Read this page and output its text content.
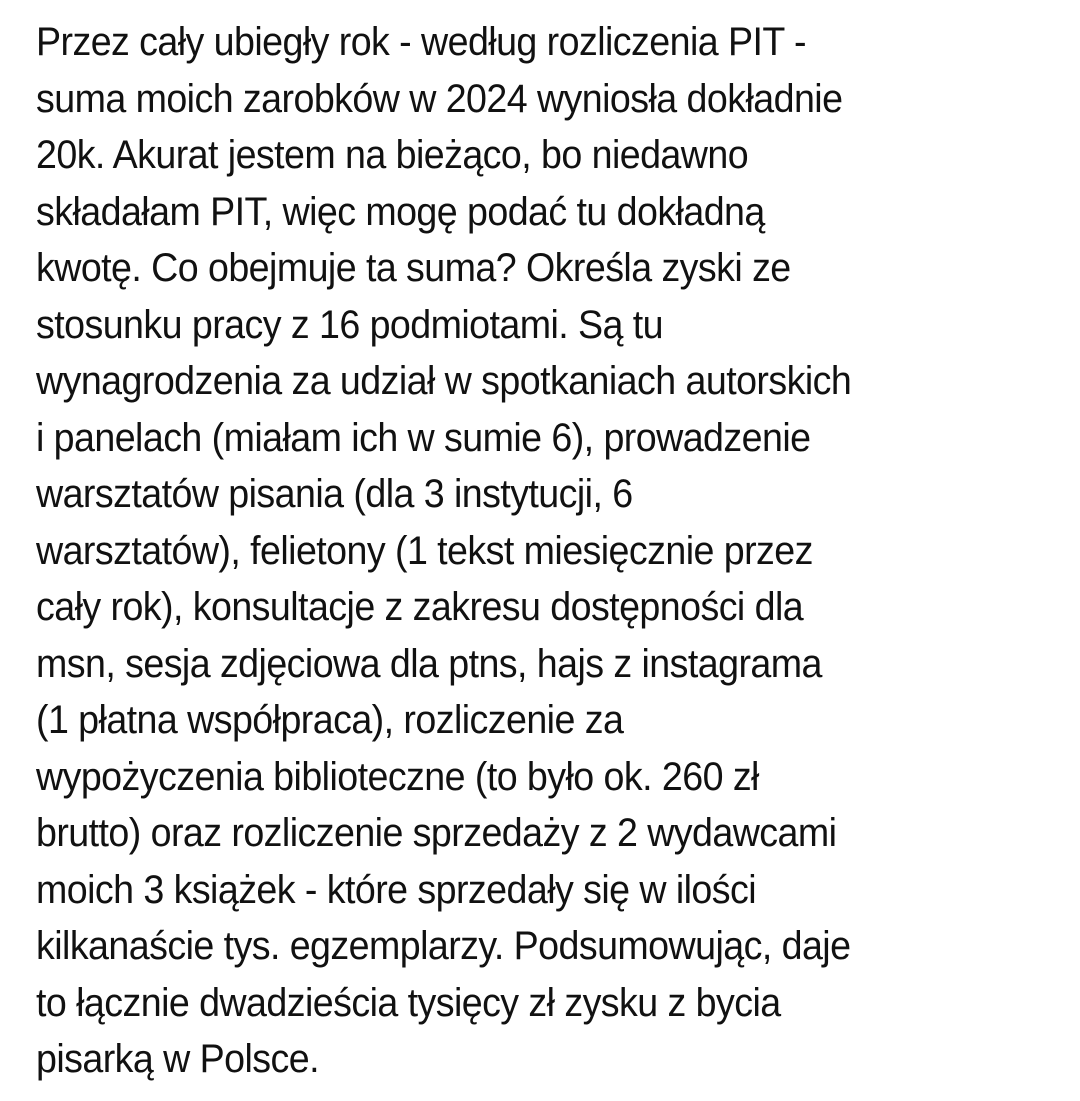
Przez cały ubiegły rok - według rozliczenia PIT -
suma moich zarobków w 2024 wyniosła dokładnie
20k. Akurat jestem na bieżąco, bo niedawno
składałam PIT, więc mogę podać tu dokładną
kwotę. Co obejmuje ta suma? Określa zyski ze
stosunku pracy z 16 podmiotami. Są tu
wynagrodzenia za udział w spotkaniach autorskich
i panelach (miałam ich w sumie 6), prowadzenie
warsztatów pisania (dla 3 instytucji, 6
warsztatów), felietony (1 tekst miesięcznie przez
cały rok), konsultacje z zakresu dostępności dla
msn, sesja zdjęciowa dla ptns, hajs z instagrama
(1 płatna współpraca), rozliczenie za
wypożyczenia biblioteczne (to było ok. 260 zł
brutto) oraz rozliczenie sprzedaży z 2 wydawcami
moich 3 książek - które sprzedały się w ilości
kilkanaście tys. egzemplarzy. Podsumowując, daje
to łącznie dwadzieścia tysięcy zł zysku z bycia
pisarką w Polsce.
